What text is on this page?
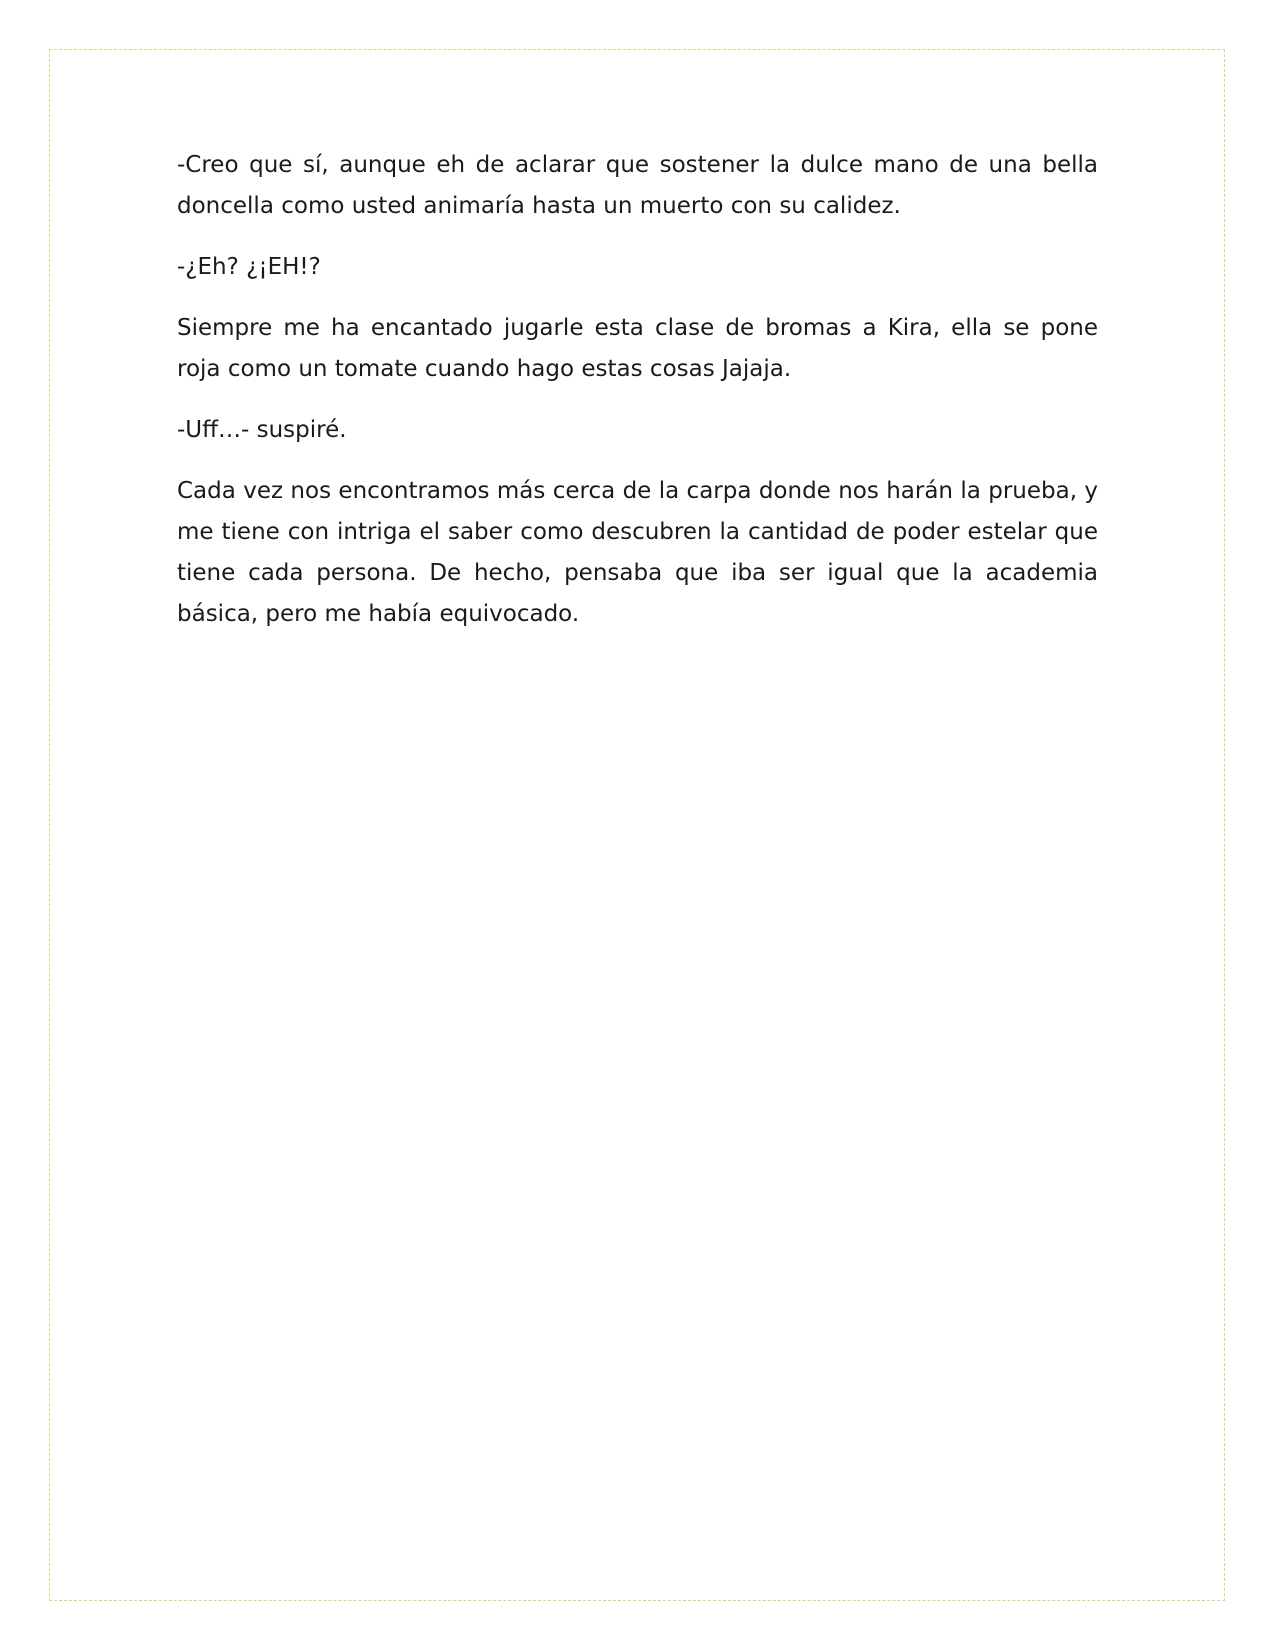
-Creo que sí, aunque eh de aclarar que sostener la dulce mano de una bella doncella como usted animaría hasta un muerto con su calidez.

-¿Eh? ¿¡EH!?

Siempre me ha encantado jugarle esta clase de bromas a Kira, ella se pone roja como un tomate cuando hago estas cosas Jajaja.

-Uff…- suspiré.

Cada vez nos encontramos más cerca de la carpa donde nos harán la prueba, y me tiene con intriga el saber como descubren la cantidad de poder estelar que tiene cada persona. De hecho, pensaba que iba ser igual que la academia básica, pero me había equivocado.
